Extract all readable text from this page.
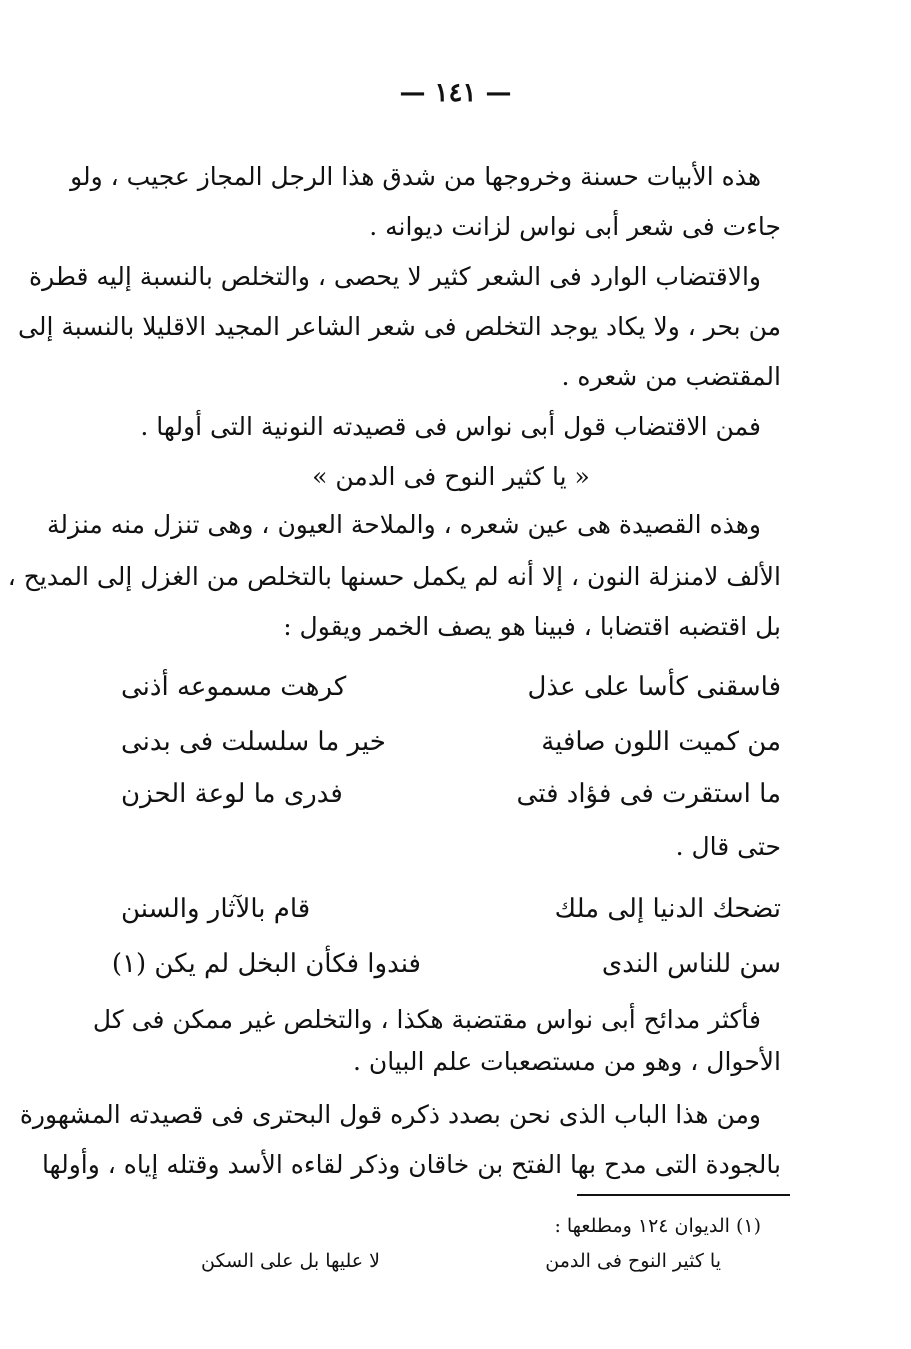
— ١٤١ —
هذه الأبيات حسنة وخروجها من شدق هذا الرجل المجاز عجيب ، ولو
جاءت فى شعر أبى نواس لزانت ديوانه .
والاقتضاب الوارد فى الشعر كثير لا يحصى ، والتخلص بالنسبة إليه قطرة
من بحر ، ولا يكاد يوجد التخلص فى شعر الشاعر المجيد الاقليلا بالنسبة إلى
المقتضب من شعره .
فمن الاقتضاب قول أبى نواس فى قصيدته النونية التى أولها .
« يا كثير النوح فى الدمن »
وهذه القصيدة هى عين شعره ، والملاحة العيون ، وهى تنزل منه منزلة
الألف لامنزلة النون ، إلا أنه لم يكمل حسنها بالتخلص من الغزل إلى المديح ،
بل اقتضبه اقتضابا ، فبينا هو يصف الخمر ويقول :
فاسقنى كأسا على عذل
كرهت مسموعه أذنى
من كميت اللون صافية
خير ما سلسلت فى بدنى
ما استقرت فى فؤاد فتى
فدرى ما لوعة الحزن
حتى قال .
تضحك الدنيا إلى ملك
قام بالآثار والسنن
سن للناس الندى
فندوا فكأن البخل لم يكن (١)
فأكثر مدائح أبى نواس مقتضبة هكذا ، والتخلص غير ممكن فى كل
الأحوال ، وهو من مستصعبات علم البيان .
ومن هذا الباب الذى نحن بصدد ذكره قول البحترى فى قصيدته المشهورة
بالجودة التى مدح بها الفتح بن خاقان وذكر لقاءه الأسد وقتله إياه ، وأولها
(١) الديوان ١٢٤ ومطلعها :
يا كثير النوح فى الدمن
لا عليها بل على السكن
